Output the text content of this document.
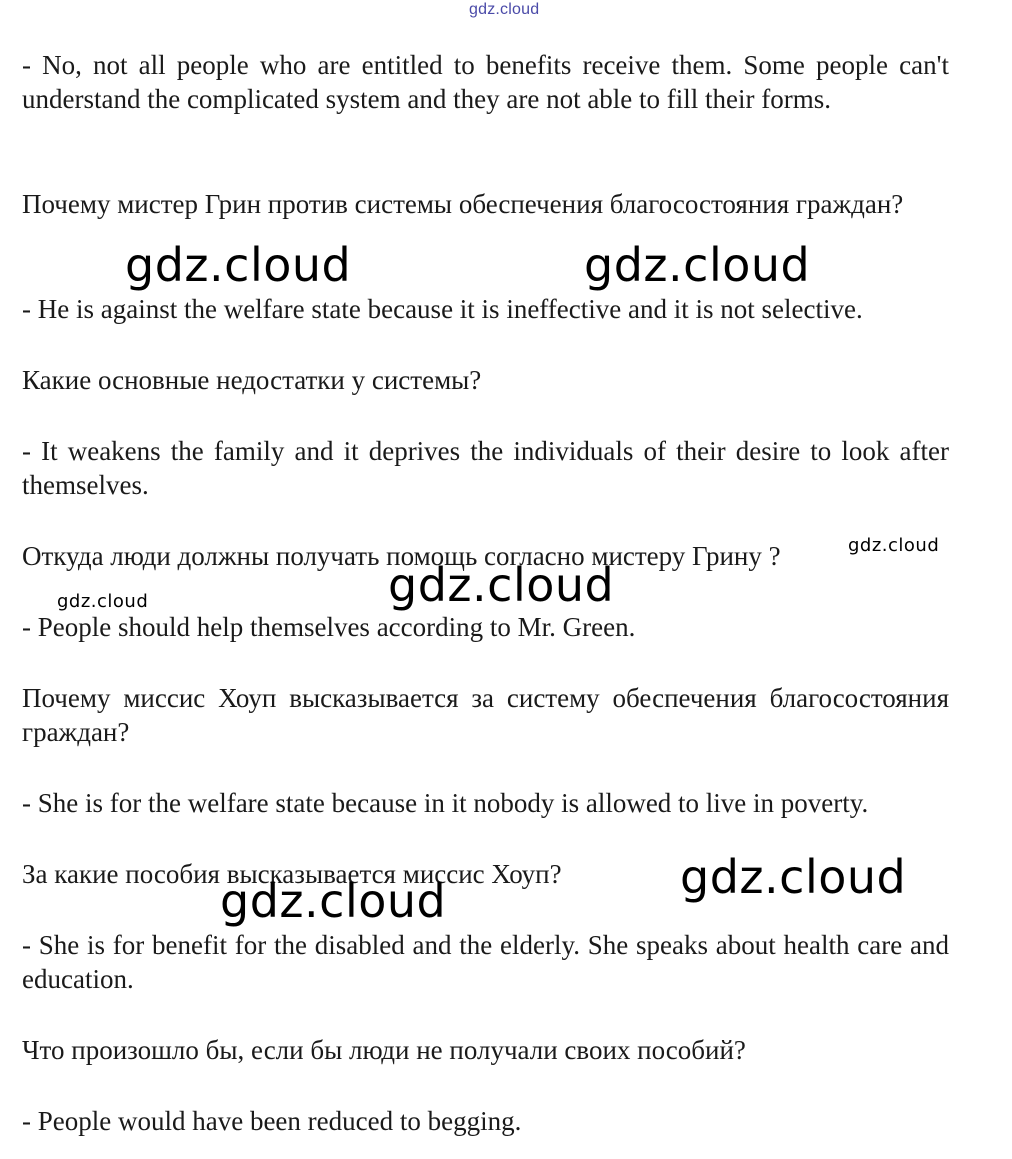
gdz.cloud

- No, not all people who are entitled to benefits receive them. Some people can't understand the complicated system and they are not able to fill their forms.

Почему мистер Грин против системы обеспечения благосостояния граждан?

- He is against the welfare state because it is ineffective and it is not selective.

Какие основные недостатки у системы?

- It weakens the family and it deprives the individuals of their desire to look after themselves.

Откуда люди должны получать помощь согласно мистеру Грину ?

- People should help themselves according to Mr. Green.

Почему миссис Хоуп высказывается за систему обеспечения благосостояния граждан?

- She is for the welfare state because in it nobody is allowed to live in poverty.

За какие пособия высказывается миссис Хоуп?

- She is for benefit for the disabled and the elderly. She speaks about health care and education.

Что произошло бы, если бы люди не получали своих пособий?

- People would have been reduced to begging.

gdz.cloud	gdz.cloud
gdz.cloud
gdz.cloud
gdz.cloud
gdz.cloud
gdz.cloud
